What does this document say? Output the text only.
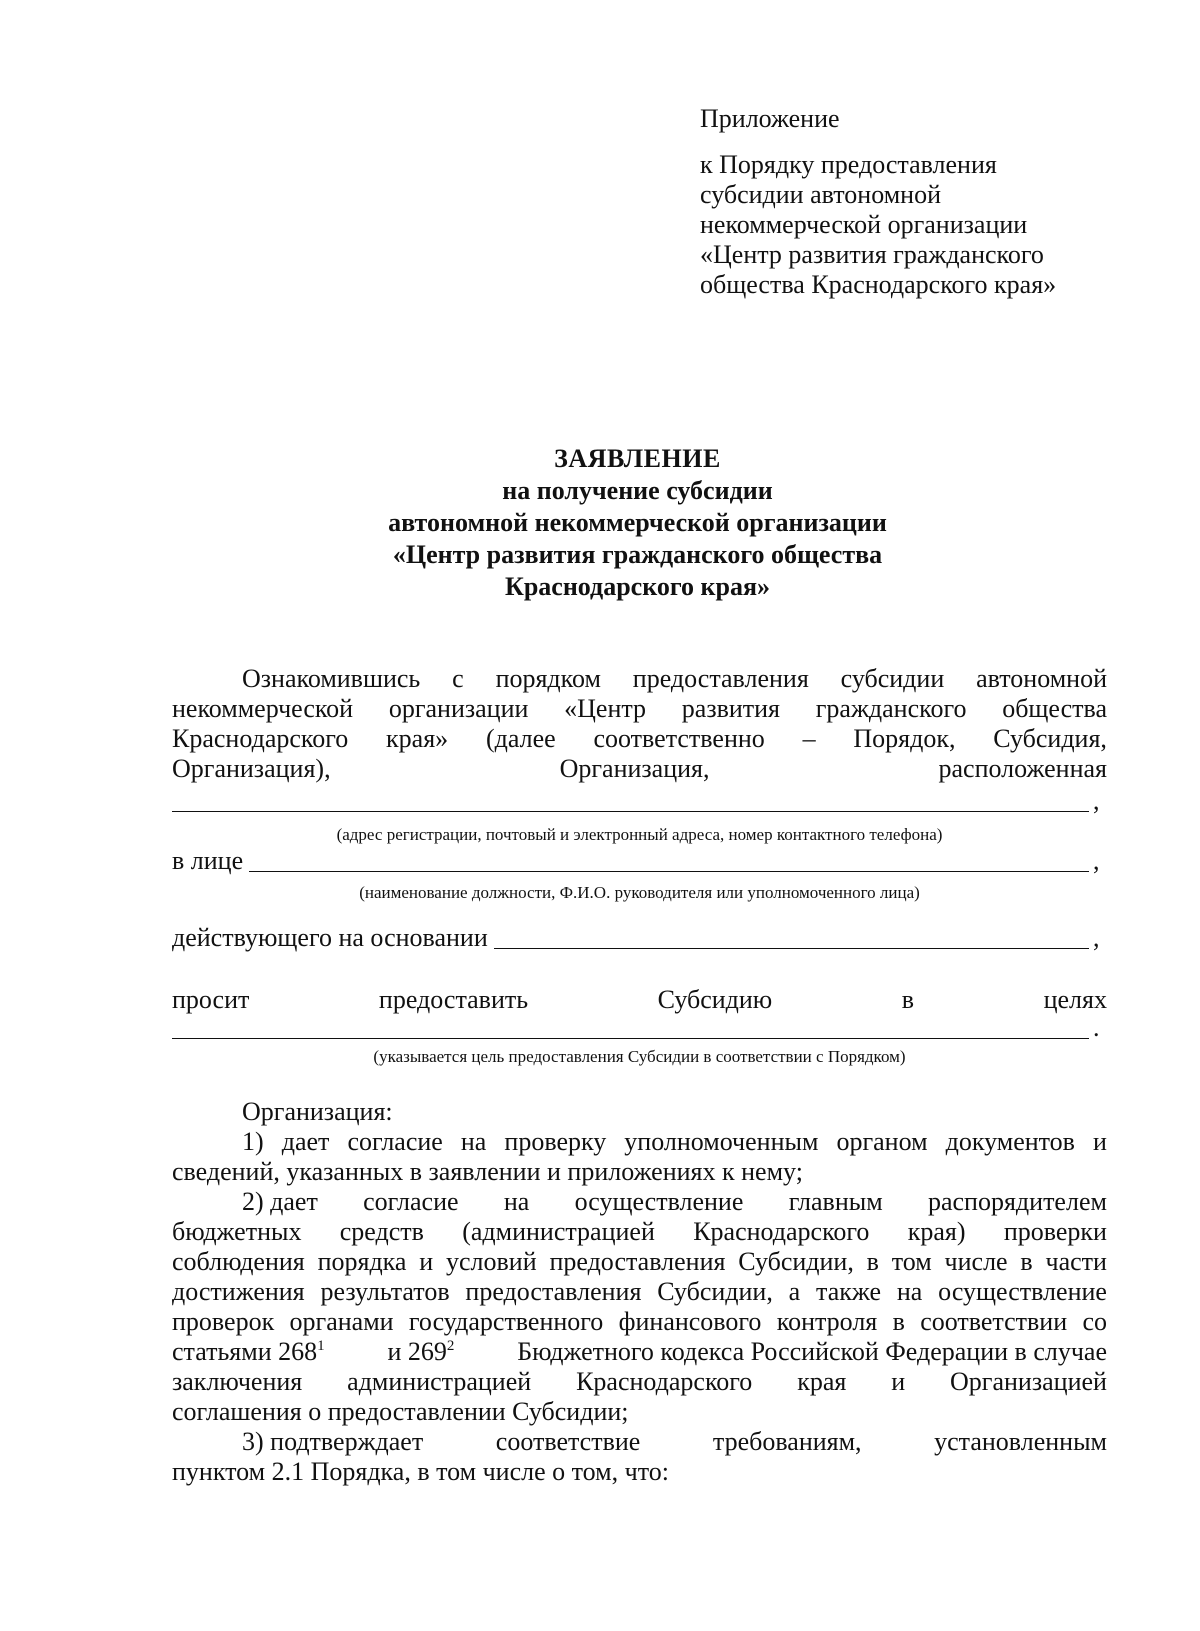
Приложение
к Порядку предоставления
субсидии автономной
некоммерческой организации
«Центр развития гражданского
общества Краснодарского края»
ЗАЯВЛЕНИЕ
на получение субсидии
автономной некоммерческой организации
«Центр развития гражданского общества
Краснодарского края»
Ознакомившись с порядком предоставления субсидии автономной
некоммерческой организации «Центр развития гражданского общества
Краснодарского края» (далее соответственно – Порядок, Субсидия,
Организация),	Организация,	расположенная
,
(адрес регистрации, почтовый и электронный адреса, номер контактного телефона)
в лице	,
(наименование должности, Ф.И.О. руководителя или уполномоченного лица)
действующего на основании	,
просит	предоставить	Субсидию	в	целях
.
(указывается цель предоставления Субсидии в соответствии с Порядком)
Организация:
1) дает согласие на проверку уполномоченным органом документов и
сведений, указанных в заявлении и приложениях к нему;
2) дает согласие на осуществление главным распорядителем
бюджетных средств (администрацией Краснодарского края) проверки
соблюдения порядка и условий предоставления Субсидии, в том числе в части
достижения результатов предоставления Субсидии, а также на осуществление
проверок органами государственного финансового контроля в соответствии со
статьями $268^1$ и $269^2$ Бюджетного кодекса Российской Федерации в случае
заключения администрацией Краснодарского края и Организацией
соглашения о предоставлении Субсидии;
3) подтверждает	соответствие	требованиям,	установленным
пунктом 2.1 Порядка, в том числе о том, что:
